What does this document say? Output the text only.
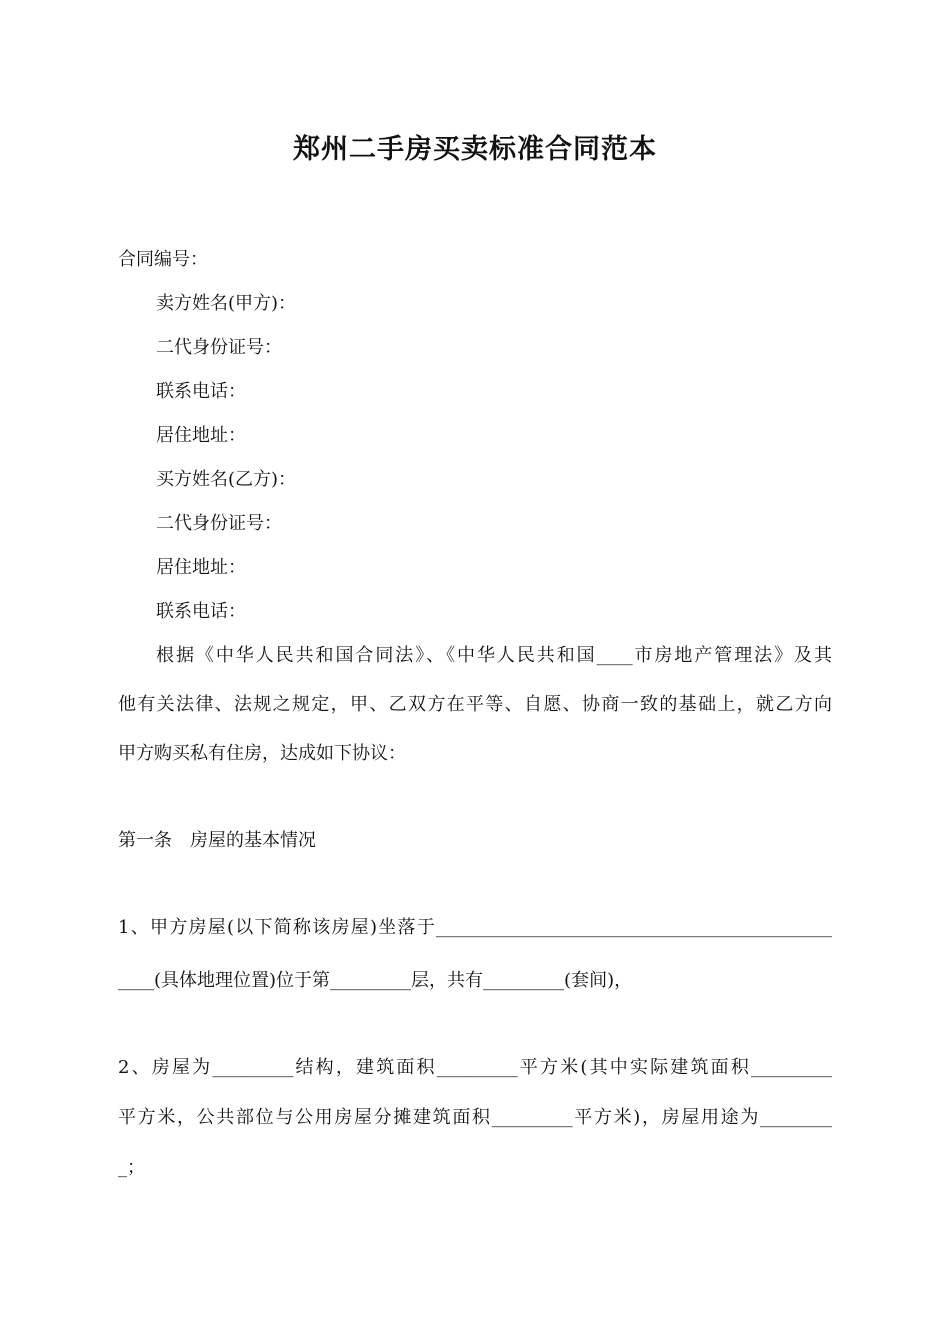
郑州二手房买卖标准合同范本
合同编号：
卖方姓名(甲方)：
二代身份证号：
联系电话：
居住地址：
买方姓名(乙方)：
二代身份证号：
居住地址：
联系电话：
根据《中华人民共和国合同法》、《中华人民共和国____市房地产管理法》及其
他有关法律、法规之规定，甲、乙双方在平等、自愿、协商一致的基础上，就乙方向
甲方购买私有住房，达成如下协议：
第一条　房屋的基本情况
1、甲方房屋(以下简称该房屋)坐落于____________________________________________
____(具体地理位置)位于第_________层，共有_________(套间)，
2、房屋为_________结构，建筑面积_________平方米(其中实际建筑面积_________
平方米，公共部位与公用房屋分摊建筑面积_________平方米)，房屋用途为________
_；
